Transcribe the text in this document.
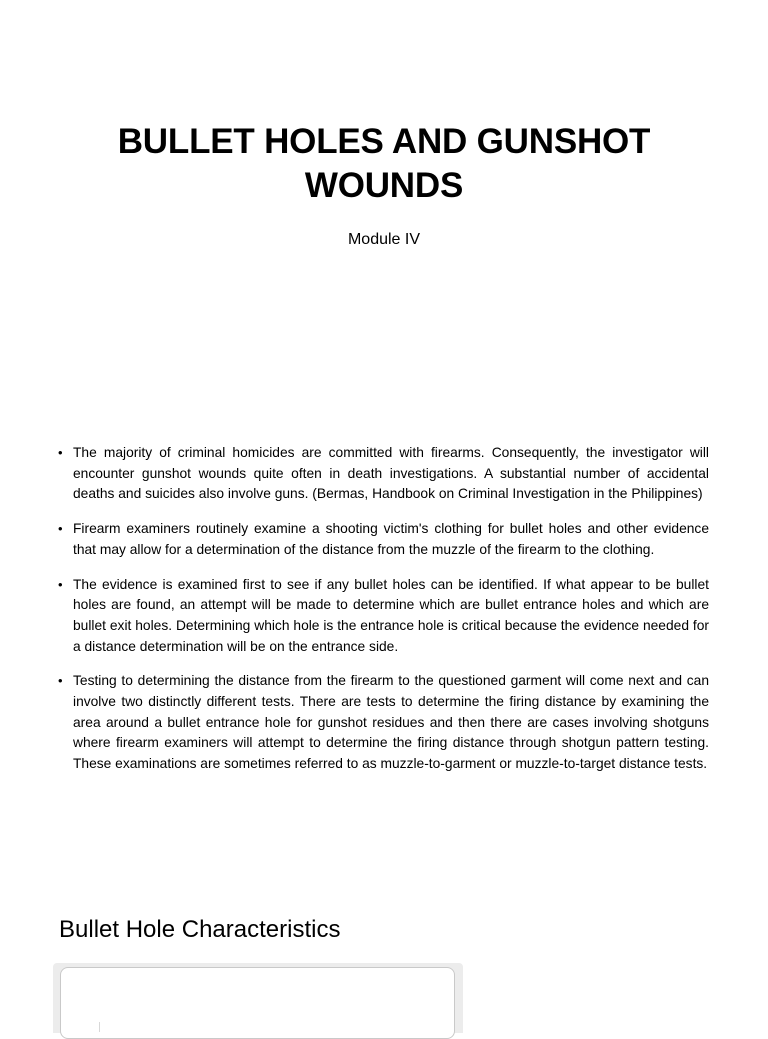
BULLET HOLES AND GUNSHOT WOUNDS
Module IV
• The majority of criminal homicides are committed with firearms. Consequently, the investigator will encounter gunshot wounds quite often in death investigations. A substantial number of accidental deaths and suicides also involve guns. (Bermas, Handbook on Criminal Investigation in the Philippines)
• Firearm examiners routinely examine a shooting victim's clothing for bullet holes and other evidence that may allow for a determination of the distance from the muzzle of the firearm to the clothing.
• The evidence is examined first to see if any bullet holes can be identified. If what appear to be bullet holes are found, an attempt will be made to determine which are bullet entrance holes and which are bullet exit holes. Determining which hole is the entrance hole is critical because the evidence needed for a distance determination will be on the entrance side.
• Testing to determining the distance from the firearm to the questioned garment will come next and can involve two distinctly different tests. There are tests to determine the firing distance by examining the area around a bullet entrance hole for gunshot residues and then there are cases involving shotguns where firearm examiners will attempt to determine the firing distance through shotgun pattern testing. These examinations are sometimes referred to as muzzle-to-garment or muzzle-to-target distance tests.
Bullet Hole Characteristics
